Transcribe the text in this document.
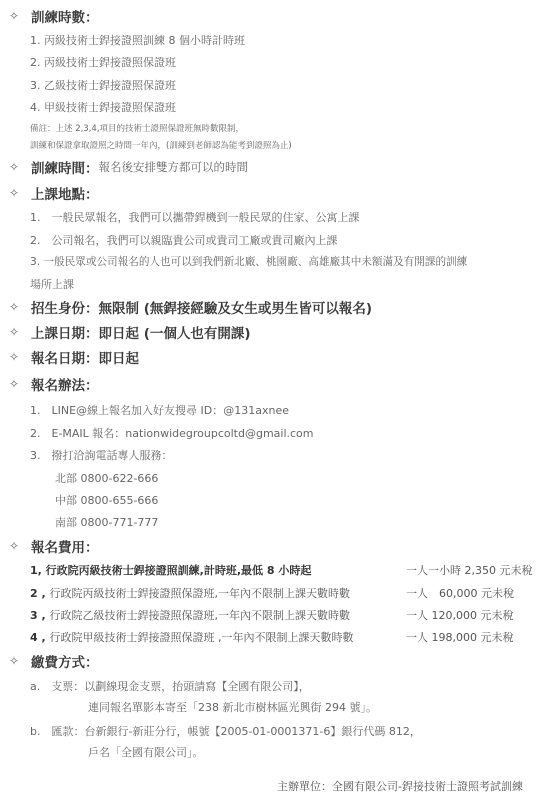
✧ 訓練時數：
1. 丙級技術士銲接證照訓練 8 個小時計時班
2. 丙級技術士銲接證照保證班
3. 乙級技術士銲接證照保證班
4. 甲級技術士銲接證照保證班
備註：上述 2,3,4,項目的技術士證照保證班無時數限制，
訓練和保證拿取證照之時間一年內，(訓練到老師認為能考到證照為止)
✧ 訓練時間： 報名後安排雙方都可以的時間
✧ 上課地點：
1.　一般民眾報名，我們可以攜帶銲機到一般民眾的住家、公寓上課
2.　公司報名，我們可以親臨貴公司或貴司工廠或貴司廠內上課
3. 一般民眾或公司報名的人也可以到我們新北廠、桃園廠、高雄廠其中未額滿及有開課的訓練
場所上課
✧ 招生身份：無限制 (無銲接經驗及女生或男生皆可以報名)
✧ 上課日期：即日起 (一個人也有開課)
✧ 報名日期：即日起
✧ 報名辦法：
1.　LINE@線上報名加入好友搜尋 ID：@131axnee
2.　E-MAIL 報名：nationwidegroupcoltd@gmail.com
3.　撥打洽詢電話專人服務：
北部 0800-622-666
中部 0800-655-666
南部 0800-771-777
✧ 報名費用：
1, 行政院丙級技術士銲接證照訓練,計時班,最低 8 小時起	一人一小時 2,350 元未稅
2 , 行政院丙級技術士銲接證照保證班,一年內不限制上課天數時數	一人　60,000 元未稅
3 , 行政院乙級技術士銲接證照保證班,一年內不限制上課天數時數	一人 120,000 元未稅
4 , 行政院甲級技術士銲接證照保證班 ,一年內不限制上課天數時數	一人 198,000 元未稅
✧ 繳費方式：
a.　支票：以劃線現金支票，抬頭請寫【全國有限公司】，
連同報名單影本寄至「238 新北市樹林區光興街 294 號」。
b.　匯款：台新銀行-新莊分行，帳號【2005-01-0001371-6】銀行代碼 812，
戶名「全國有限公司」。
主辦單位：全國有限公司-銲接技術士證照考試訓練
